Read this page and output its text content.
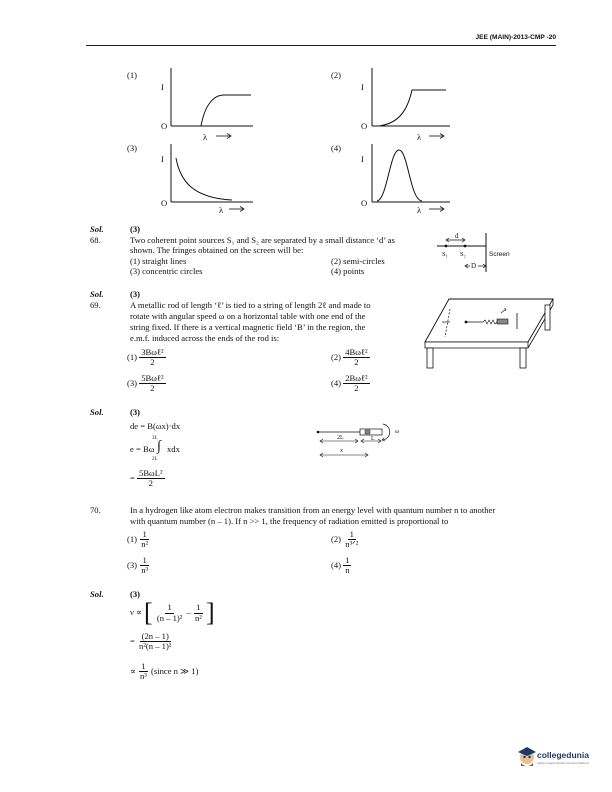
JEE (MAIN)-2013-CMP -20
(1)	(2)
(3)	(4)
I
O
λ
I
O
λ
I
O
λ
I
O
λ
Sol.	(3)
68.	Two coherent point sources S₁ and S₂ are separated by a small distance ‘d’ as
shown. The fringes obtained on the screen will be:
(1) straight lines	(2) semi-circles
(3) concentric circles	(4) points
d
S₁ S₂
D
Screen
Sol.	(3)
69.	A metallic rod of length ‘ℓ’ is tied to a string of length 2ℓ and made to
rotate with angular speed ω on a horizontal table with one end of the
string fixed. If there is a vertical magnetic field ‘B’ in the region, the
e.m.f. induced across the ends of the rod is:
$(1) \frac{\text{3Bωℓ²}}{2}$	$(2) \frac{\text{4Bωℓ²}}{2}$
$(3) \frac{\text{5Bωℓ²}}{2}$	$(4) \frac{\text{2Bωℓ²}}{2}$
Sol.	(3)
de = B(ωx)·dx
e = Bω
3L
∫
2L
xdx
= $\frac{\text{5BωL²}}{2}$
2L	L
x
ω
70.	In a hydrogen like atom electron makes transition from an energy level with quantum number n to another
with quantum number (n – 1). If n >> 1, the frequency of radiation emitted is proportional to
$(1) \frac{1}{\text{n²}}$	$(2) \frac{1}{\text{n³ᐟ²}}$
$(3) \frac{1}{\text{n³}}$	$(4) \frac{1}{n}$
Sol.	(3)
ν ∝ [ $\frac{1}{\text{(n – 1)²}} - \frac{1}{\text{n²}}$ ]
= $\frac{(2n - 1)}{\text{n²(n – 1)²}}$
∝ $\frac{1}{\text{n³}}$ (since n ≫ 1)
collegedunia
India's largest Student Review Platform
